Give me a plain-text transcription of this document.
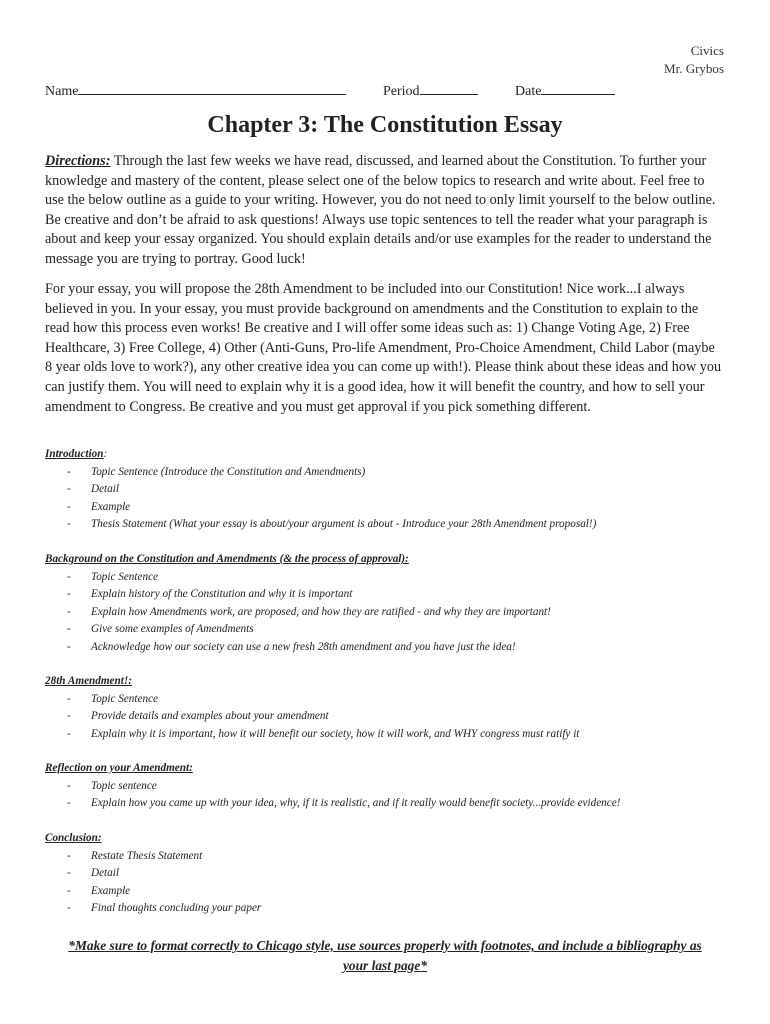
Civics
Mr. Grybos
Name	Period	Date
Chapter 3: The Constitution Essay

Directions: Through the last few weeks we have read, discussed, and learned about the Constitution. To further your knowledge and mastery of the content, please select one of the below topics to research and write about. Feel free to use the below outline as a guide to your writing. However, you do not need to only limit yourself to the below outline. Be creative and don’t be afraid to ask questions! Always use topic sentences to tell the reader what your paragraph is about and keep your essay organized. You should explain details and/or use examples for the reader to understand the message you are trying to portray. Good luck!

For your essay, you will propose the 28th Amendment to be included into our Constitution! Nice work...I always believed in you. In your essay, you must provide background on amendments and the Constitution to explain to the read how this process even works! Be creative and I will offer some ideas such as: 1) Change Voting Age, 2) Free Healthcare, 3) Free College, 4) Other (Anti-Guns, Pro-life Amendment, Pro-Choice Amendment, Child Labor (maybe 8 year olds love to work?), any other creative idea you can come up with!). Please think about these ideas and how you can justify them. You will need to explain why it is a good idea, how it will benefit the country, and how to sell your amendment to Congress. Be creative and you must get approval if you pick something different.

Introduction:
- Topic Sentence (Introduce the Constitution and Amendments)
- Detail
- Example
- Thesis Statement (What your essay is about/your argument is about - Introduce your 28th Amendment proposal!)
Background on the Constitution and Amendments (& the process of approval):
- Topic Sentence
- Explain history of the Constitution and why it is important
- Explain how Amendments work, are proposed, and how they are ratified - and why they are important!
- Give some examples of Amendments
- Acknowledge how our society can use a new fresh 28th amendment and you have just the idea!
28th Amendment!:
- Topic Sentence
- Provide details and examples about your amendment
- Explain why it is important, how it will benefit our society, how it will work, and WHY congress must ratify it
Reflection on your Amendment:
- Topic sentence
- Explain how you came up with your idea, why, if it is realistic, and if it really would benefit society...provide evidence!
Conclusion:
- Restate Thesis Statement
- Detail
- Example
- Final thoughts concluding your paper
*Make sure to format correctly to Chicago style, use sources properly with footnotes, and include a bibliography as your last page*
